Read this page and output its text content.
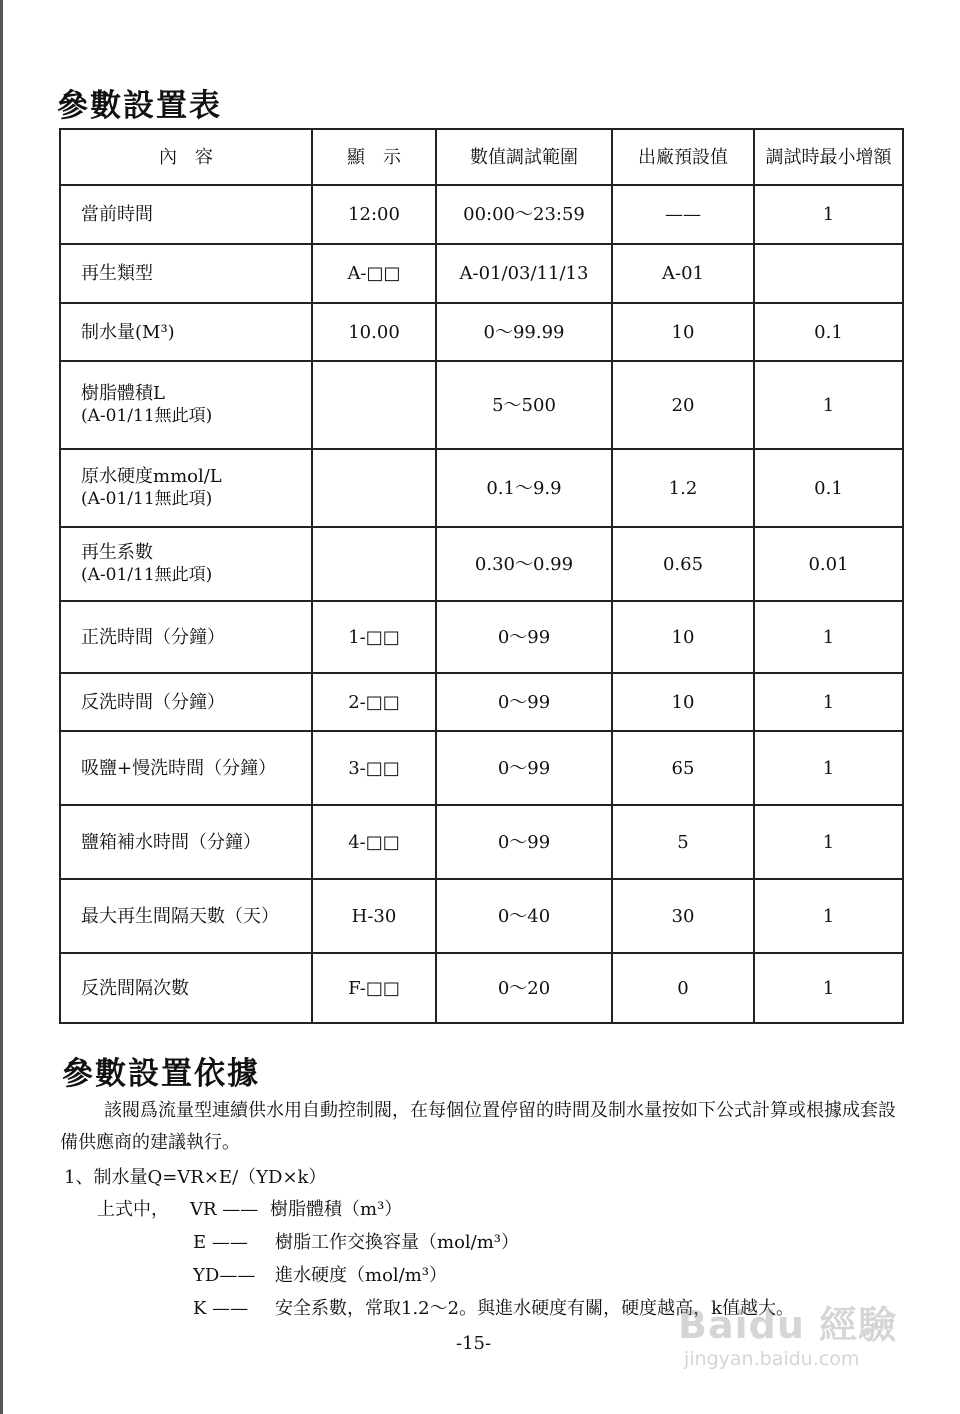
參數設置表
內　容	顯　示	數值調試範圍	出廠預設值	調試時最小增額
當前時間	12:00	00:00～23:59	——	1
再生類型	A-□□	A-01/03/11/13	A-01	
制水量(M³)	10.00	0～99.99	10	0.1
樹脂體積L
(A-01/11無此項)		5～500	20	1
原水硬度mmol/L
(A-01/11無此項)		0.1～9.9	1.2	0.1
再生系數
(A-01/11無此項)		0.30～0.99	0.65	0.01
正洗時間（分鐘）	1-□□	0～99	10	1
反洗時間（分鐘）	2-□□	0～99	10	1
吸鹽+慢洗時間（分鐘）	3-□□	0～99	65	1
鹽箱補水時間（分鐘）	4-□□	0～99	5	1
最大再生間隔天數（天）	H-30	0～40	30	1
反洗間隔次數	F-□□	0～20	0	1
參數設置依據

該閥爲流量型連續供水用自動控制閥，在每個位置停留的時間及制水量按如下公式計算或根據成套設備供應商的建議執行。

1、制水量Q=VR×E/（YD×k）

上式中， VR —— 樹脂體積（m³）
E —— 樹脂工作交換容量（mol/m³）
YD—— 進水硬度（mol/m³）
K —— 安全系數，常取1.2～2。與進水硬度有關，硬度越高，k值越大。
-15-	Baidu 經驗
jingyan.baidu.com
